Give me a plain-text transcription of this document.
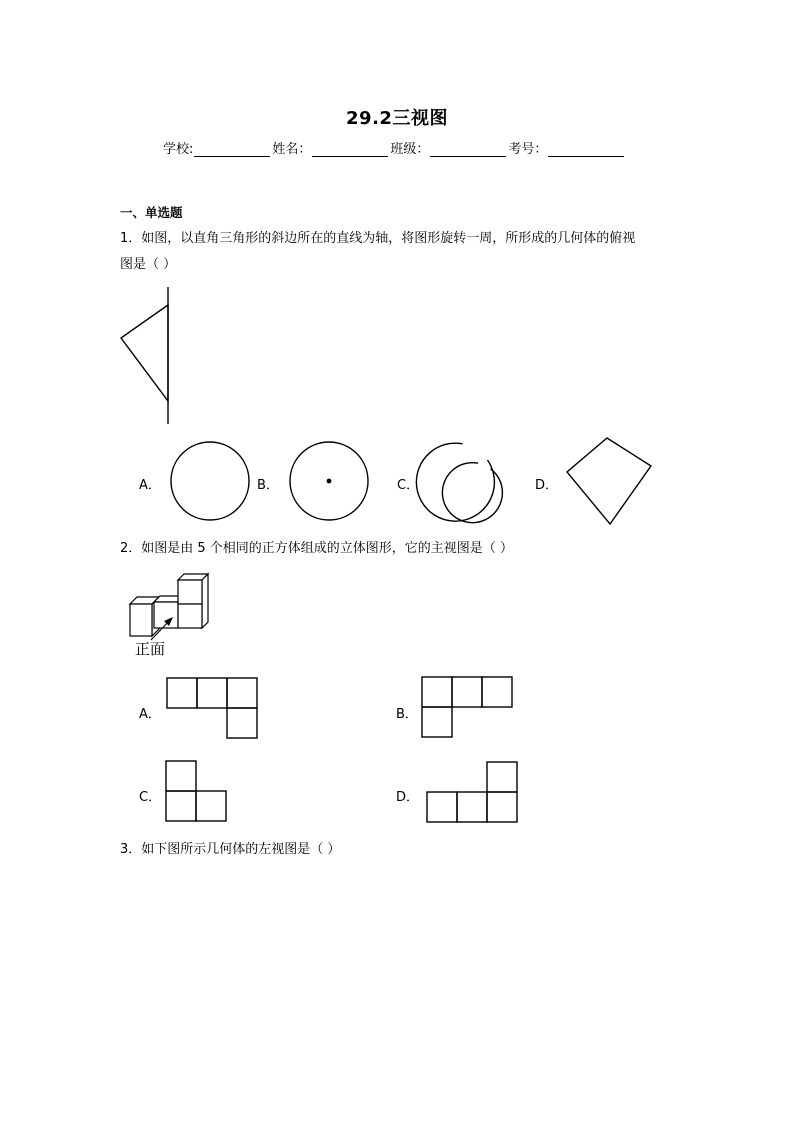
29.2三视图
学校:	姓名：	班级：	考号：
一、单选题
1．如图，以直角三角形的斜边所在的直线为轴，将图形旋转一周，所形成的几何体的俯视
图是（ ）
A．	B．	C．	D．
2．如图是由 5 个相同的正方体组成的立体图形，它的主视图是（ ）
正面
A．	B．
C．	D．
3．如下图所示几何体的左视图是（ ）
